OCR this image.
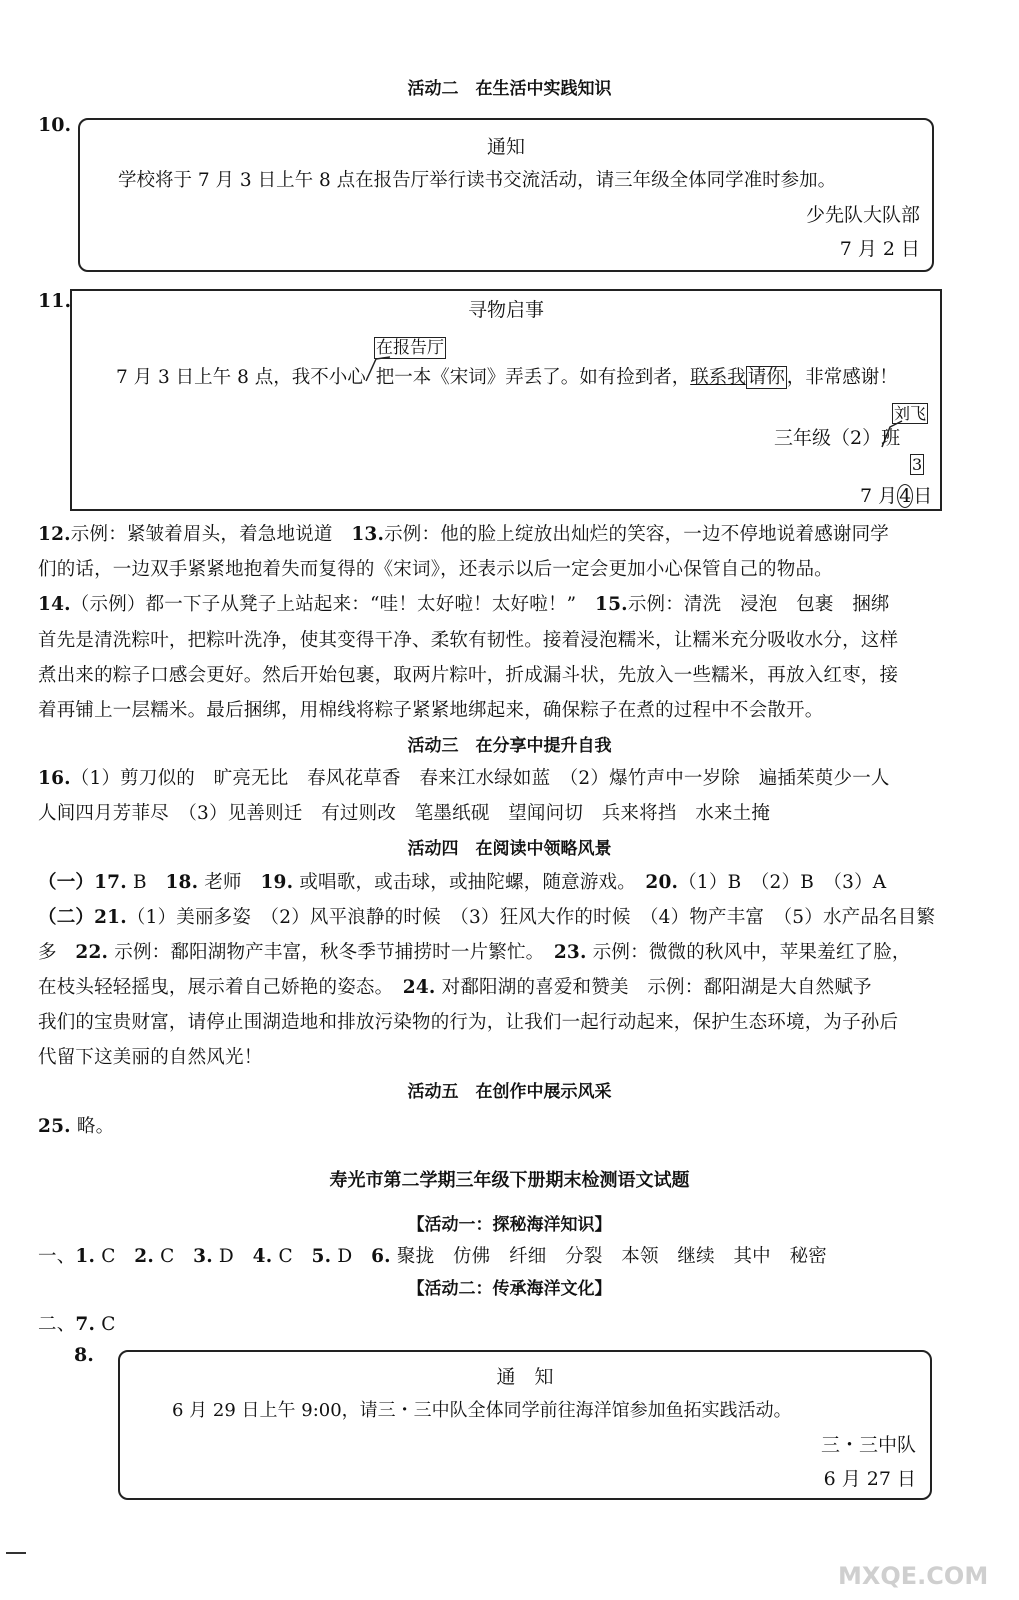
活动二　在生活中实践知识
10.
通知
学校将于 7 月 3 日上午 8 点在报告厅举行读书交流活动，请三年级全体同学准时参加。
少先队大队部
7 月 2 日
11.	寻物启事
在报告厅
7 月 3 日上午 8 点，我不小心 把一本《宋词》弄丢了。如有捡到者，联系我 请你 ，非常感谢！
刘飞
三年级（2）班
3
7 月 4 日
12.示例：紧皱着眉头，着急地说道　13.示例：他的脸上绽放出灿烂的笑容，一边不停地说着感谢同学
们的话，一边双手紧紧地抱着失而复得的《宋词》，还表示以后一定会更加小心保管自己的物品。
14.（示例）都一下子从凳子上站起来：“哇！太好啦！太好啦！”　15.示例：清洗　浸泡　包裹　捆绑
首先是清洗粽叶，把粽叶洗净，使其变得干净、柔软有韧性。接着浸泡糯米，让糯米充分吸收水分，这样
煮出来的粽子口感会更好。然后开始包裹，取两片粽叶，折成漏斗状，先放入一些糯米，再放入红枣，接
着再铺上一层糯米。最后捆绑，用棉线将粽子紧紧地绑起来，确保粽子在煮的过程中不会散开。
活动三　在分享中提升自我
16.（1）剪刀似的　旷亮无比　春风花草香　春来江水绿如蓝　（2）爆竹声中一岁除　遍插茱萸少一人
人间四月芳菲尽　（3）见善则迁　有过则改　笔墨纸砚　望闻问切　兵来将挡　水来土掩
活动四　在阅读中领略风景
（一）17. B　18. 老师　19. 或唱歌，或击球，或抽陀螺，随意游戏。　20.（1）B　（2）B　（3）A
（二）21.（1）美丽多姿　（2）风平浪静的时候　（3）狂风大作的时候　（4）物产丰富　（5）水产品名目繁
多　22. 示例：鄱阳湖物产丰富，秋冬季节捕捞时一片繁忙。　23. 示例：微微的秋风中，苹果羞红了脸，
在枝头轻轻摇曳，展示着自己娇艳的姿态。　24. 对鄱阳湖的喜爱和赞美　示例：鄱阳湖是大自然赋予
我们的宝贵财富，请停止围湖造地和排放污染物的行为，让我们一起行动起来，保护生态环境，为子孙后
代留下这美丽的自然风光！
活动五　在创作中展示风采
25. 略。
寿光市第二学期三年级下册期末检测语文试题
【活动一：探秘海洋知识】
一、1. C　2. C　3. D　4. C　5. D　6. 聚拢　仿佛　纤细　分裂　本领　继续　其中　秘密
【活动二：传承海洋文化】
二、7. C
8.
通　知
6 月 29 日上午 9:00，请三・三中队全体同学前往海洋馆参加鱼拓实践活动。
三・三中队
6 月 27 日
MXQE.COM
